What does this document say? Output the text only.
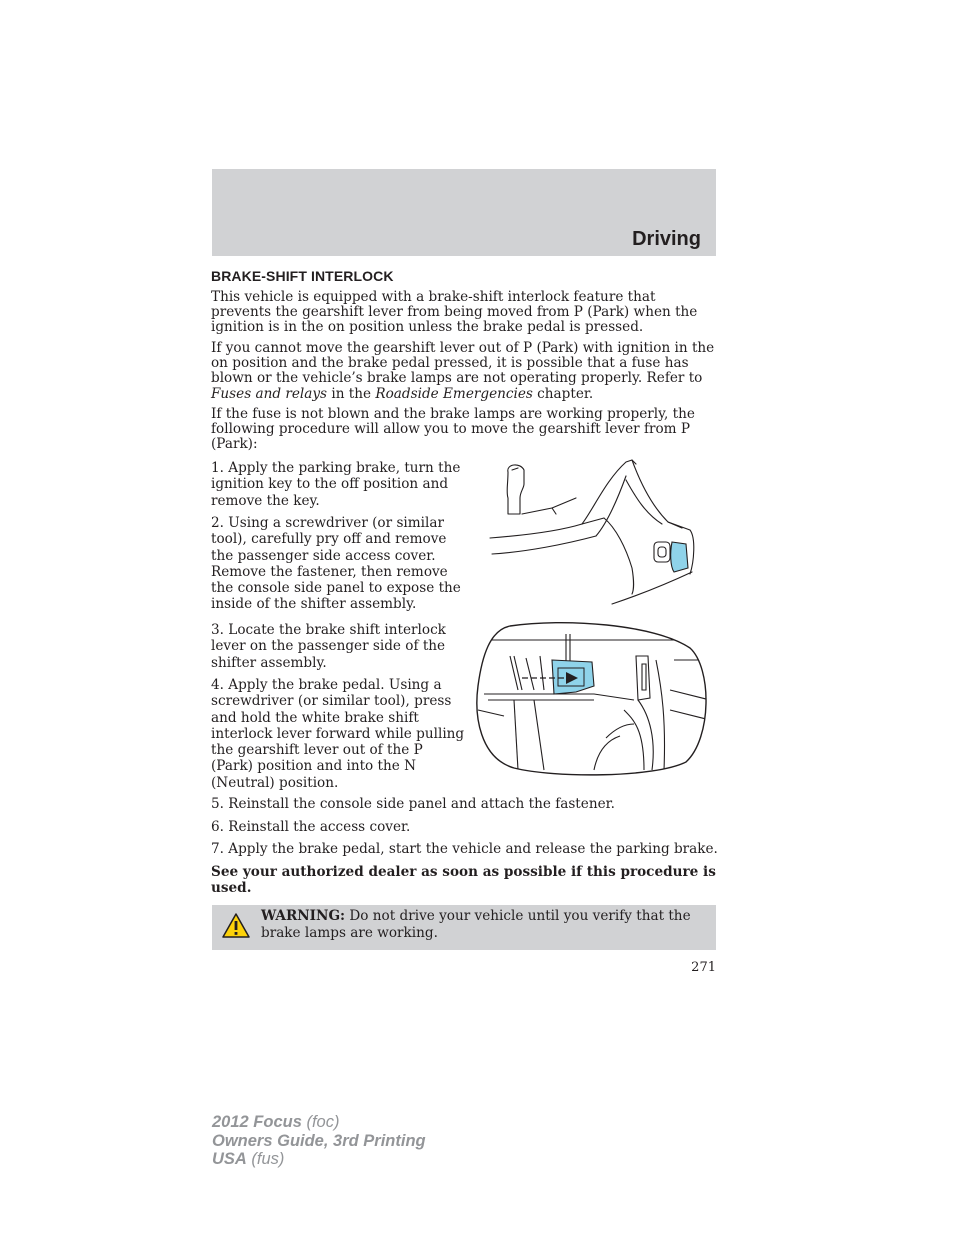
Driving
BRAKE-SHIFT INTERLOCK

This vehicle is equipped with a brake-shift interlock feature that prevents the gearshift lever from being moved from P (Park) when the ignition is in the on position unless the brake pedal is pressed.

If you cannot move the gearshift lever out of P (Park) with ignition in the on position and the brake pedal pressed, it is possible that a fuse has blown or the vehicle’s brake lamps are not operating properly. Refer to Fuses and relays in the Roadside Emergencies chapter.

If the fuse is not blown and the brake lamps are working properly, the following procedure will allow you to move the gearshift lever from P (Park):

1. Apply the parking brake, turn the ignition key to the off position and remove the key.

2. Using a screwdriver (or similar tool), carefully pry off and remove the passenger side access cover. Remove the fastener, then remove the console side panel to expose the inside of the shifter assembly.

3. Locate the brake shift interlock lever on the passenger side of the shifter assembly.

4. Apply the brake pedal. Using a screwdriver (or similar tool), press and hold the white brake shift interlock lever forward while pulling the gearshift lever out of the P (Park) position and into the N (Neutral) position.

5. Reinstall the console side panel and attach the fastener.

6. Reinstall the access cover.

7. Apply the brake pedal, start the vehicle and release the parking brake.

See your authorized dealer as soon as possible if this procedure is used.

WARNING: Do not drive your vehicle until you verify that the brake lamps are working.

271
2012 Focus (foc)
Owners Guide, 3rd Printing
USA (fus)
